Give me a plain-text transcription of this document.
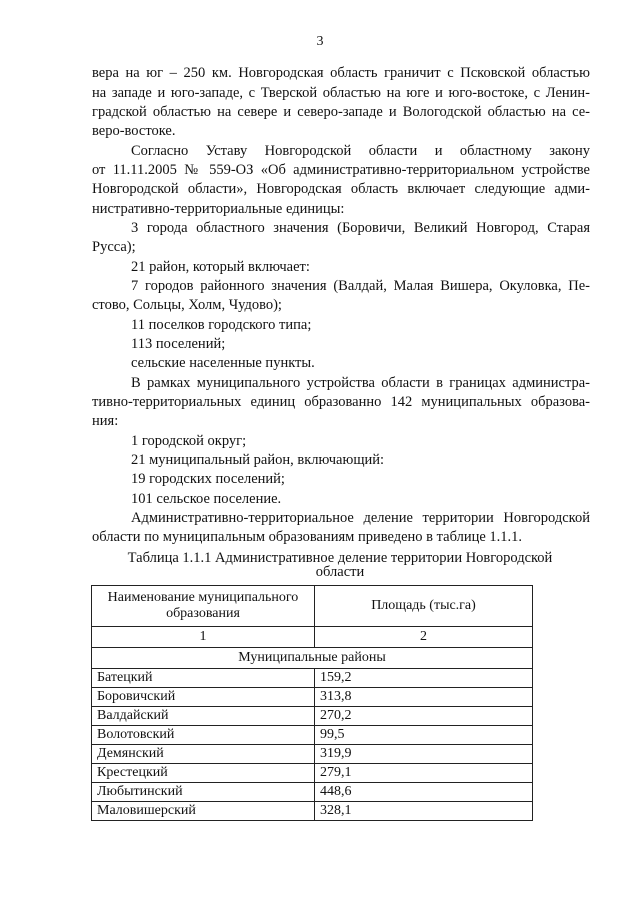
3
вера на юг – 250 км. Новгородская область граничит с Псковской областью
на западе и юго-западе, с Тверской областью на юге и юго-востоке, с Ленин-
градской областью на севере и северо-западе и Вологодской областью на се-
веро-востоке.
Согласно Уставу Новгородской области и областному закону
от 11.11.2005 № 559-ОЗ «Об административно-территориальном устройстве
Новгородской области», Новгородская область включает следующие адми-
нистративно-территориальные единицы:
3 города областного значения (Боровичи, Великий Новгород, Старая
Русса);
21 район, который включает:
7 городов районного значения (Валдай, Малая Вишера, Окуловка, Пе-
стово, Сольцы, Холм, Чудово);
11 поселков городского типа;
113 поселений;
сельские населенные пункты.
В рамках муниципального устройства области в границах администра-
тивно-территориальных единиц образованно 142 муниципальных образова-
ния:
1 городской округ;
21 муниципальный район, включающий:
19 городских поселений;
101 сельское поселение.
Административно-территориальное деление территории Новгородской
области по муниципальным образованиям приведено в таблице 1.1.1.
Таблица 1.1.1 Административное деление территории Новгородской
области
Наименование муниципального
образования	Площадь (тыс.га)
1	2
Муниципальные районы	
Батецкий	159,2
Боровичский	313,8
Валдайский	270,2
Волотовский	99,5
Демянский	319,9
Крестецкий	279,1
Любытинский	448,6
Маловишерский	328,1
